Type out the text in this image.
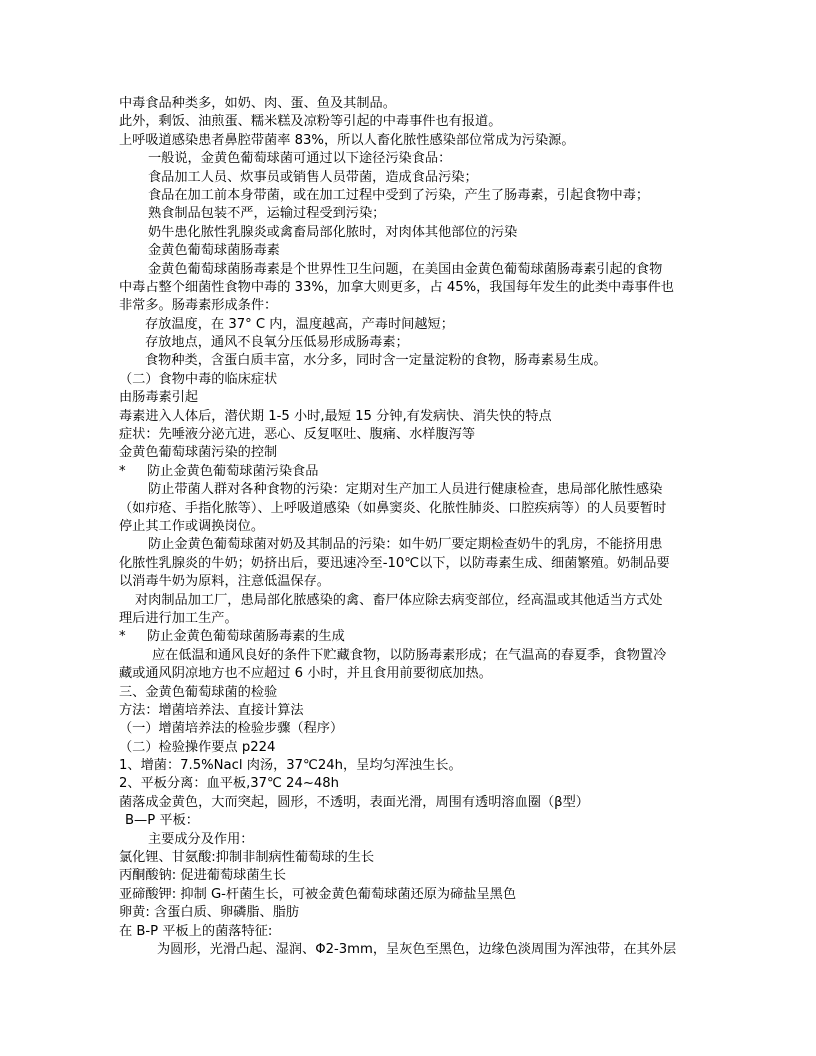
中毒食品种类多，如奶、肉、蛋、鱼及其制品。
此外，剩饭、油煎蛋、糯米糕及凉粉等引起的中毒事件也有报道。
上呼吸道感染患者鼻腔带菌率 83%，所以人畜化脓性感染部位常成为污染源。
一般说，金黄色葡萄球菌可通过以下途径污染食品：
食品加工人员、炊事员或销售人员带菌，造成食品污染；
食品在加工前本身带菌，或在加工过程中受到了污染，产生了肠毒素，引起食物中毒；
熟食制品包装不严，运输过程受到污染；
奶牛患化脓性乳腺炎或禽畜局部化脓时，对肉体其他部位的污染
金黄色葡萄球菌肠毒素
金黄色葡萄球菌肠毒素是个世界性卫生问题，在美国由金黄色葡萄球菌肠毒素引起的食物
中毒占整个细菌性食物中毒的 33%，加拿大则更多，占 45%，我国每年发生的此类中毒事件也
非常多。肠毒素形成条件：
存放温度，在 37° C 内，温度越高，产毒时间越短；
存放地点，通风不良氧分压低易形成肠毒素；
食物种类，含蛋白质丰富，水分多，同时含一定量淀粉的食物，肠毒素易生成。
（二）食物中毒的临床症状
由肠毒素引起
毒素进入人体后，潜伏期 1-5 小时,最短 15 分钟,有发病快、消失快的特点
症状：先唾液分泌亢进，恶心、反复呕吐、腹痛、水样腹泻等
金黄色葡萄球菌污染的控制
* 防止金黄色葡萄球菌污染食品
防止带菌人群对各种食物的污染：定期对生产加工人员进行健康检查，患局部化脓性感染
（如疖疮、手指化脓等）、上呼吸道感染（如鼻窦炎、化脓性肺炎、口腔疾病等）的人员要暂时
停止其工作或调换岗位。
防止金黄色葡萄球菌对奶及其制品的污染：如牛奶厂要定期检查奶牛的乳房，不能挤用患
化脓性乳腺炎的牛奶；奶挤出后，要迅速冷至-10℃以下，以防毒素生成、细菌繁殖。奶制品要
以消毒牛奶为原料，注意低温保存。
对肉制品加工厂，患局部化脓感染的禽、畜尸体应除去病变部位，经高温或其他适当方式处
理后进行加工生产。
* 防止金黄色葡萄球菌肠毒素的生成
应在低温和通风良好的条件下贮藏食物，以防肠毒素形成；在气温高的春夏季，食物置冷
藏或通风阴凉地方也不应超过 6 小时，并且食用前要彻底加热。
三、金黄色葡萄球菌的检验
方法：增菌培养法、直接计算法
（一）增菌培养法的检验步骤（程序）
（二）检验操作要点 p224
1、增菌：7.5%Nacl 肉汤，37℃24h，呈均匀浑浊生长。
2、平板分离：血平板,37℃ 24~48h
菌落成金黄色，大而突起，圆形，不透明，表面光滑，周围有透明溶血圈（β型）
B—P 平板：
主要成分及作用：
氯化锂、甘氨酸:抑制非制病性葡萄球的生长
丙酮酸钠: 促进葡萄球菌生长
亚碲酸钾: 抑制 G-杆菌生长，可被金黄色葡萄球菌还原为碲盐呈黑色
卵黄: 含蛋白质、卵磷脂、脂肪
在 B-P 平板上的菌落特征:
为圆形，光滑凸起、湿润、Φ2-3mm，呈灰色至黑色，边缘色淡周围为浑浊带，在其外层
